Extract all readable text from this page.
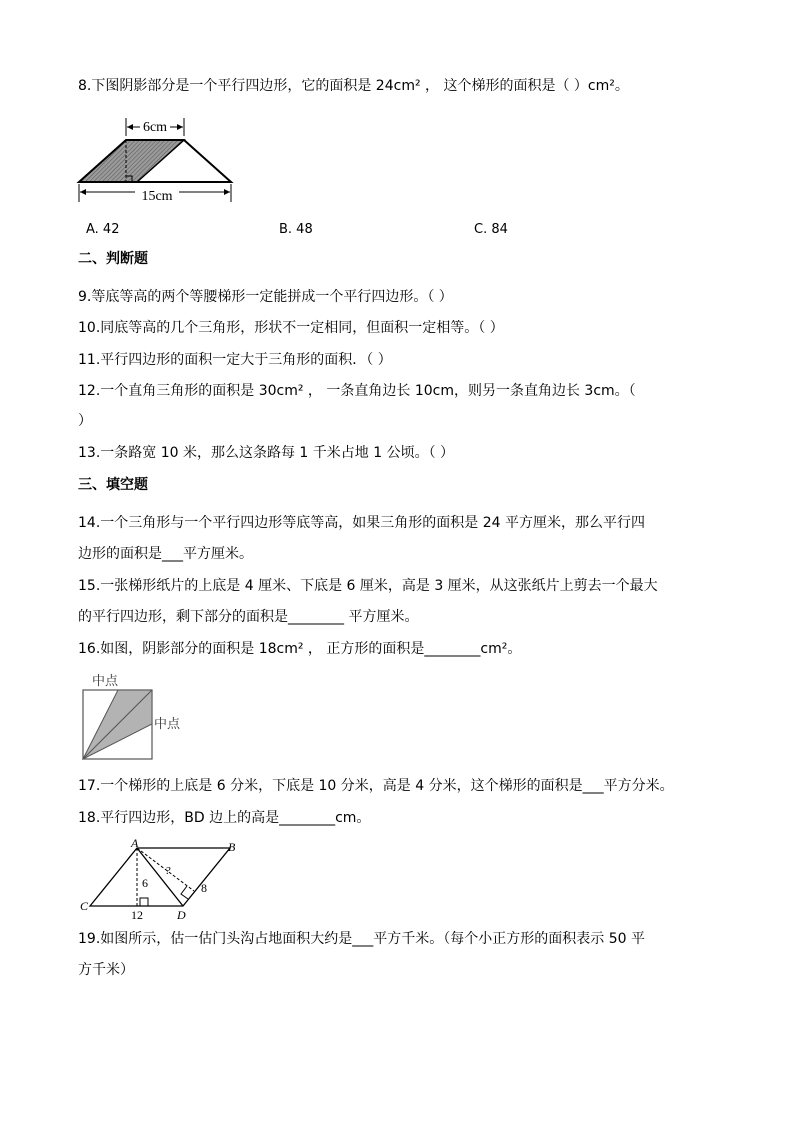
8.下图阴影部分是一个平行四边形，它的面积是 24cm² ， 这个梯形的面积是（ ）cm²。
6cm
15cm
A. 42	B. 48	C. 84
二、判断题
9.等底等高的两个等腰梯形一定能拼成一个平行四边形。（ ）
10.同底等高的几个三角形，形状不一定相同，但面积一定相等。（ ）
11.平行四边形的面积一定大于三角形的面积．（ ）
12.一个直角三角形的面积是 30cm² ， 一条直角边长 10cm，则另一条直角边长 3cm。（
）
13.一条路宽 10 米，那么这条路每 1 千米占地 1 公顷。（ ）
三、填空题
14.一个三角形与一个平行四边形等底等高，如果三角形的面积是 24 平方厘米，那么平行四
边形的面积是___平方厘米。
15.一张梯形纸片的上底是 4 厘米、下底是 6 厘米，高是 3 厘米，从这张纸片上剪去一个最大
的平行四边形，剩下部分的面积是________ 平方厘米。
16.如图，阴影部分的面积是 18cm² ， 正方形的面积是________cm²。
中点
中点
17.一个梯形的上底是 6 分米，下底是 10 分米，高是 4 分米，这个梯形的面积是___平方分米。
18.平行四边形，BD 边上的高是________cm。
A	B
C
D
6
12
8
?
19.如图所示，估一估门头沟占地面积大约是___平方千米。（每个小正方形的面积表示 50 平
方千米）
